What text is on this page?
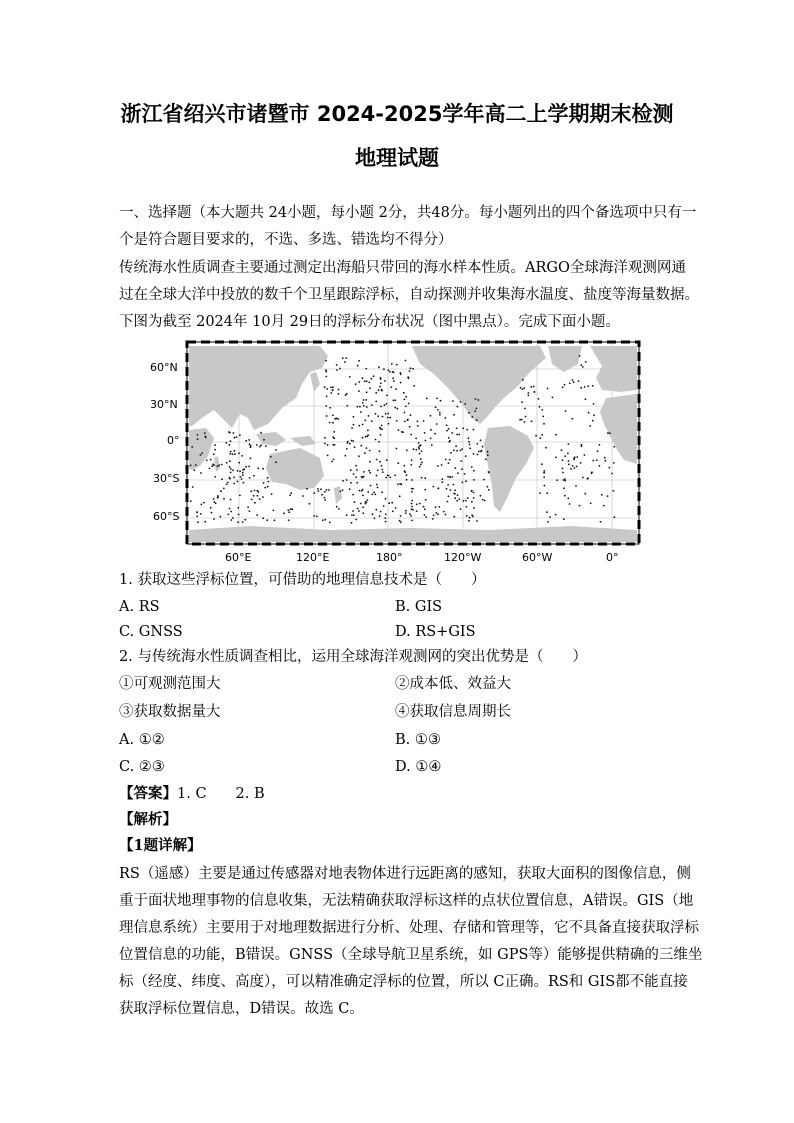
浙江省绍兴市诸暨市 2024-2025学年高二上学期期末检测
地理试题
一、选择题（本大题共 24小题，每小题 2分，共48分。每小题列出的四个备选项中只有一
个是符合题目要求的，不选、多选、错选均不得分）
传统海水性质调查主要通过测定出海船只带回的海水样本性质。ARGO全球海洋观测网通
过在全球大洋中投放的数千个卫星跟踪浮标，自动探测并收集海水温度、盐度等海量数据。
下图为截至 2024年 10月 29日的浮标分布状况（图中黑点）。完成下面小题。
60°N
30°N
0°
30°S
60°S
60°E	120°E	180°	120°W	60°W	0°
1. 获取这些浮标位置，可借助的地理信息技术是（　　）
A. RS	B. GIS
C. GNSS	D. RS+GIS
2. 与传统海水性质调查相比，运用全球海洋观测网的突出优势是（　　）
①可观测范围大	②成本低、效益大
③获取数据量大	④获取信息周期长
A. ①②	B. ①③
C. ②③	D. ①④
【答案】1. C　　2. B
【解析】
【1题详解】
RS（遥感）主要是通过传感器对地表物体进行远距离的感知，获取大面积的图像信息，侧
重于面状地理事物的信息收集，无法精确获取浮标这样的点状位置信息，A错误。GIS（地
理信息系统）主要用于对地理数据进行分析、处理、存储和管理等，它不具备直接获取浮标
位置信息的功能，B错误。GNSS（全球导航卫星系统，如 GPS等）能够提供精确的三维坐
标（经度、纬度、高度），可以精准确定浮标的位置，所以 C正确。RS和 GIS都不能直接
获取浮标位置信息，D错误。故选 C。
